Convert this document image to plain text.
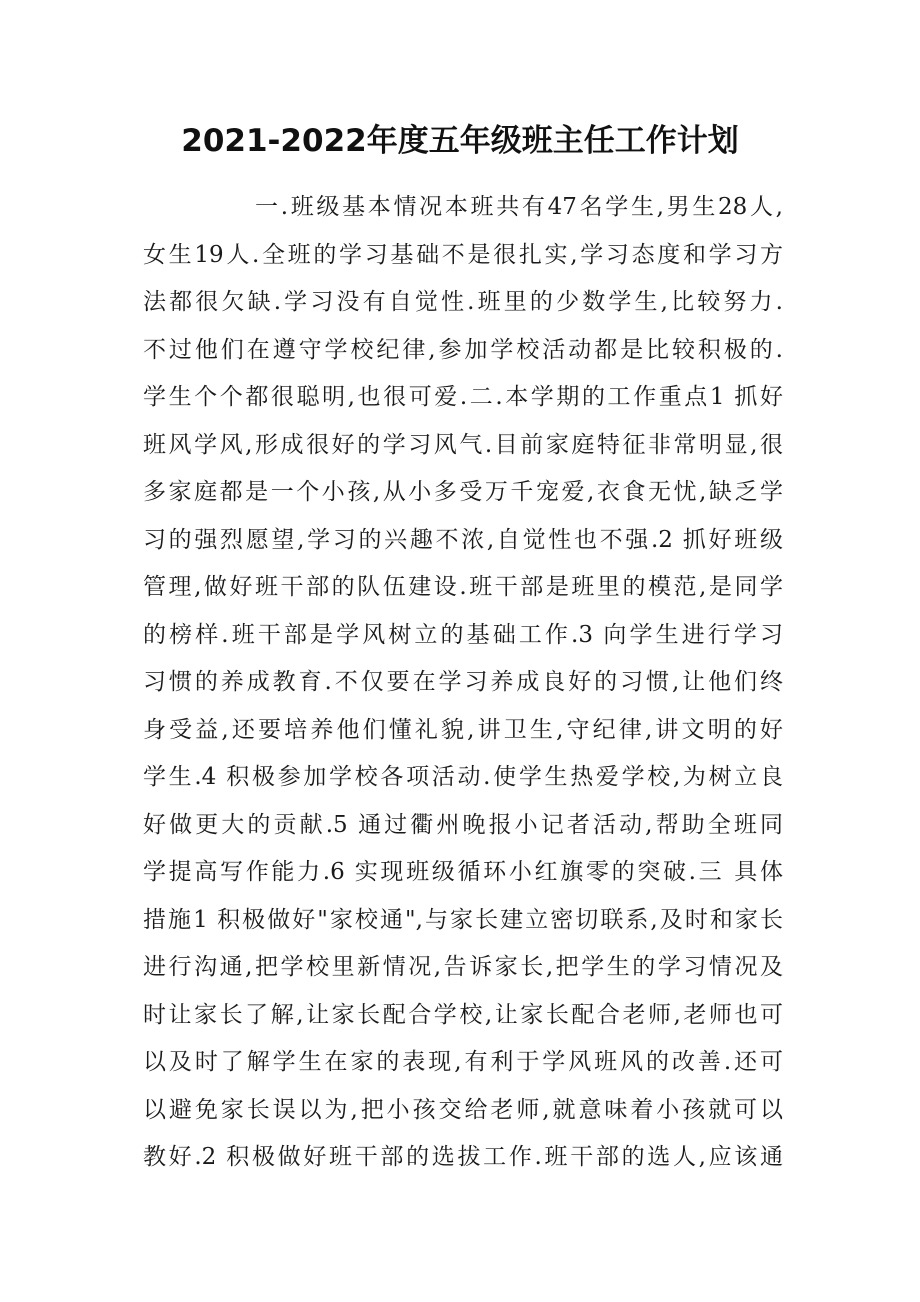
2021-2022年度五年级班主任工作计划
一.班级基本情况本班共有47名学生,男生28人,
女生19人.全班的学习基础不是很扎实,学习态度和学习方
法都很欠缺.学习没有自觉性.班里的少数学生,比较努力.
不过他们在遵守学校纪律,参加学校活动都是比较积极的.
学生个个都很聪明,也很可爱.二.本学期的工作重点1 抓好
班风学风,形成很好的学习风气.目前家庭特征非常明显,很
多家庭都是一个小孩,从小多受万千宠爱,衣食无忧,缺乏学
习的强烈愿望,学习的兴趣不浓,自觉性也不强.2 抓好班级
管理,做好班干部的队伍建设.班干部是班里的模范,是同学
的榜样.班干部是学风树立的基础工作.3 向学生进行学习
习惯的养成教育.不仅要在学习养成良好的习惯,让他们终
身受益,还要培养他们懂礼貌,讲卫生,守纪律,讲文明的好
学生.4 积极参加学校各项活动.使学生热爱学校,为树立良
好做更大的贡献.5 通过衢州晚报小记者活动,帮助全班同
学提高写作能力.6 实现班级循环小红旗零的突破.三 具体
措施1 积极做好"家校通",与家长建立密切联系,及时和家长
进行沟通,把学校里新情况,告诉家长,把学生的学习情况及
时让家长了解,让家长配合学校,让家长配合老师,老师也可
以及时了解学生在家的表现,有利于学风班风的改善.还可
以避免家长误以为,把小孩交给老师,就意味着小孩就可以
教好.2 积极做好班干部的选拔工作.班干部的选人,应该通
